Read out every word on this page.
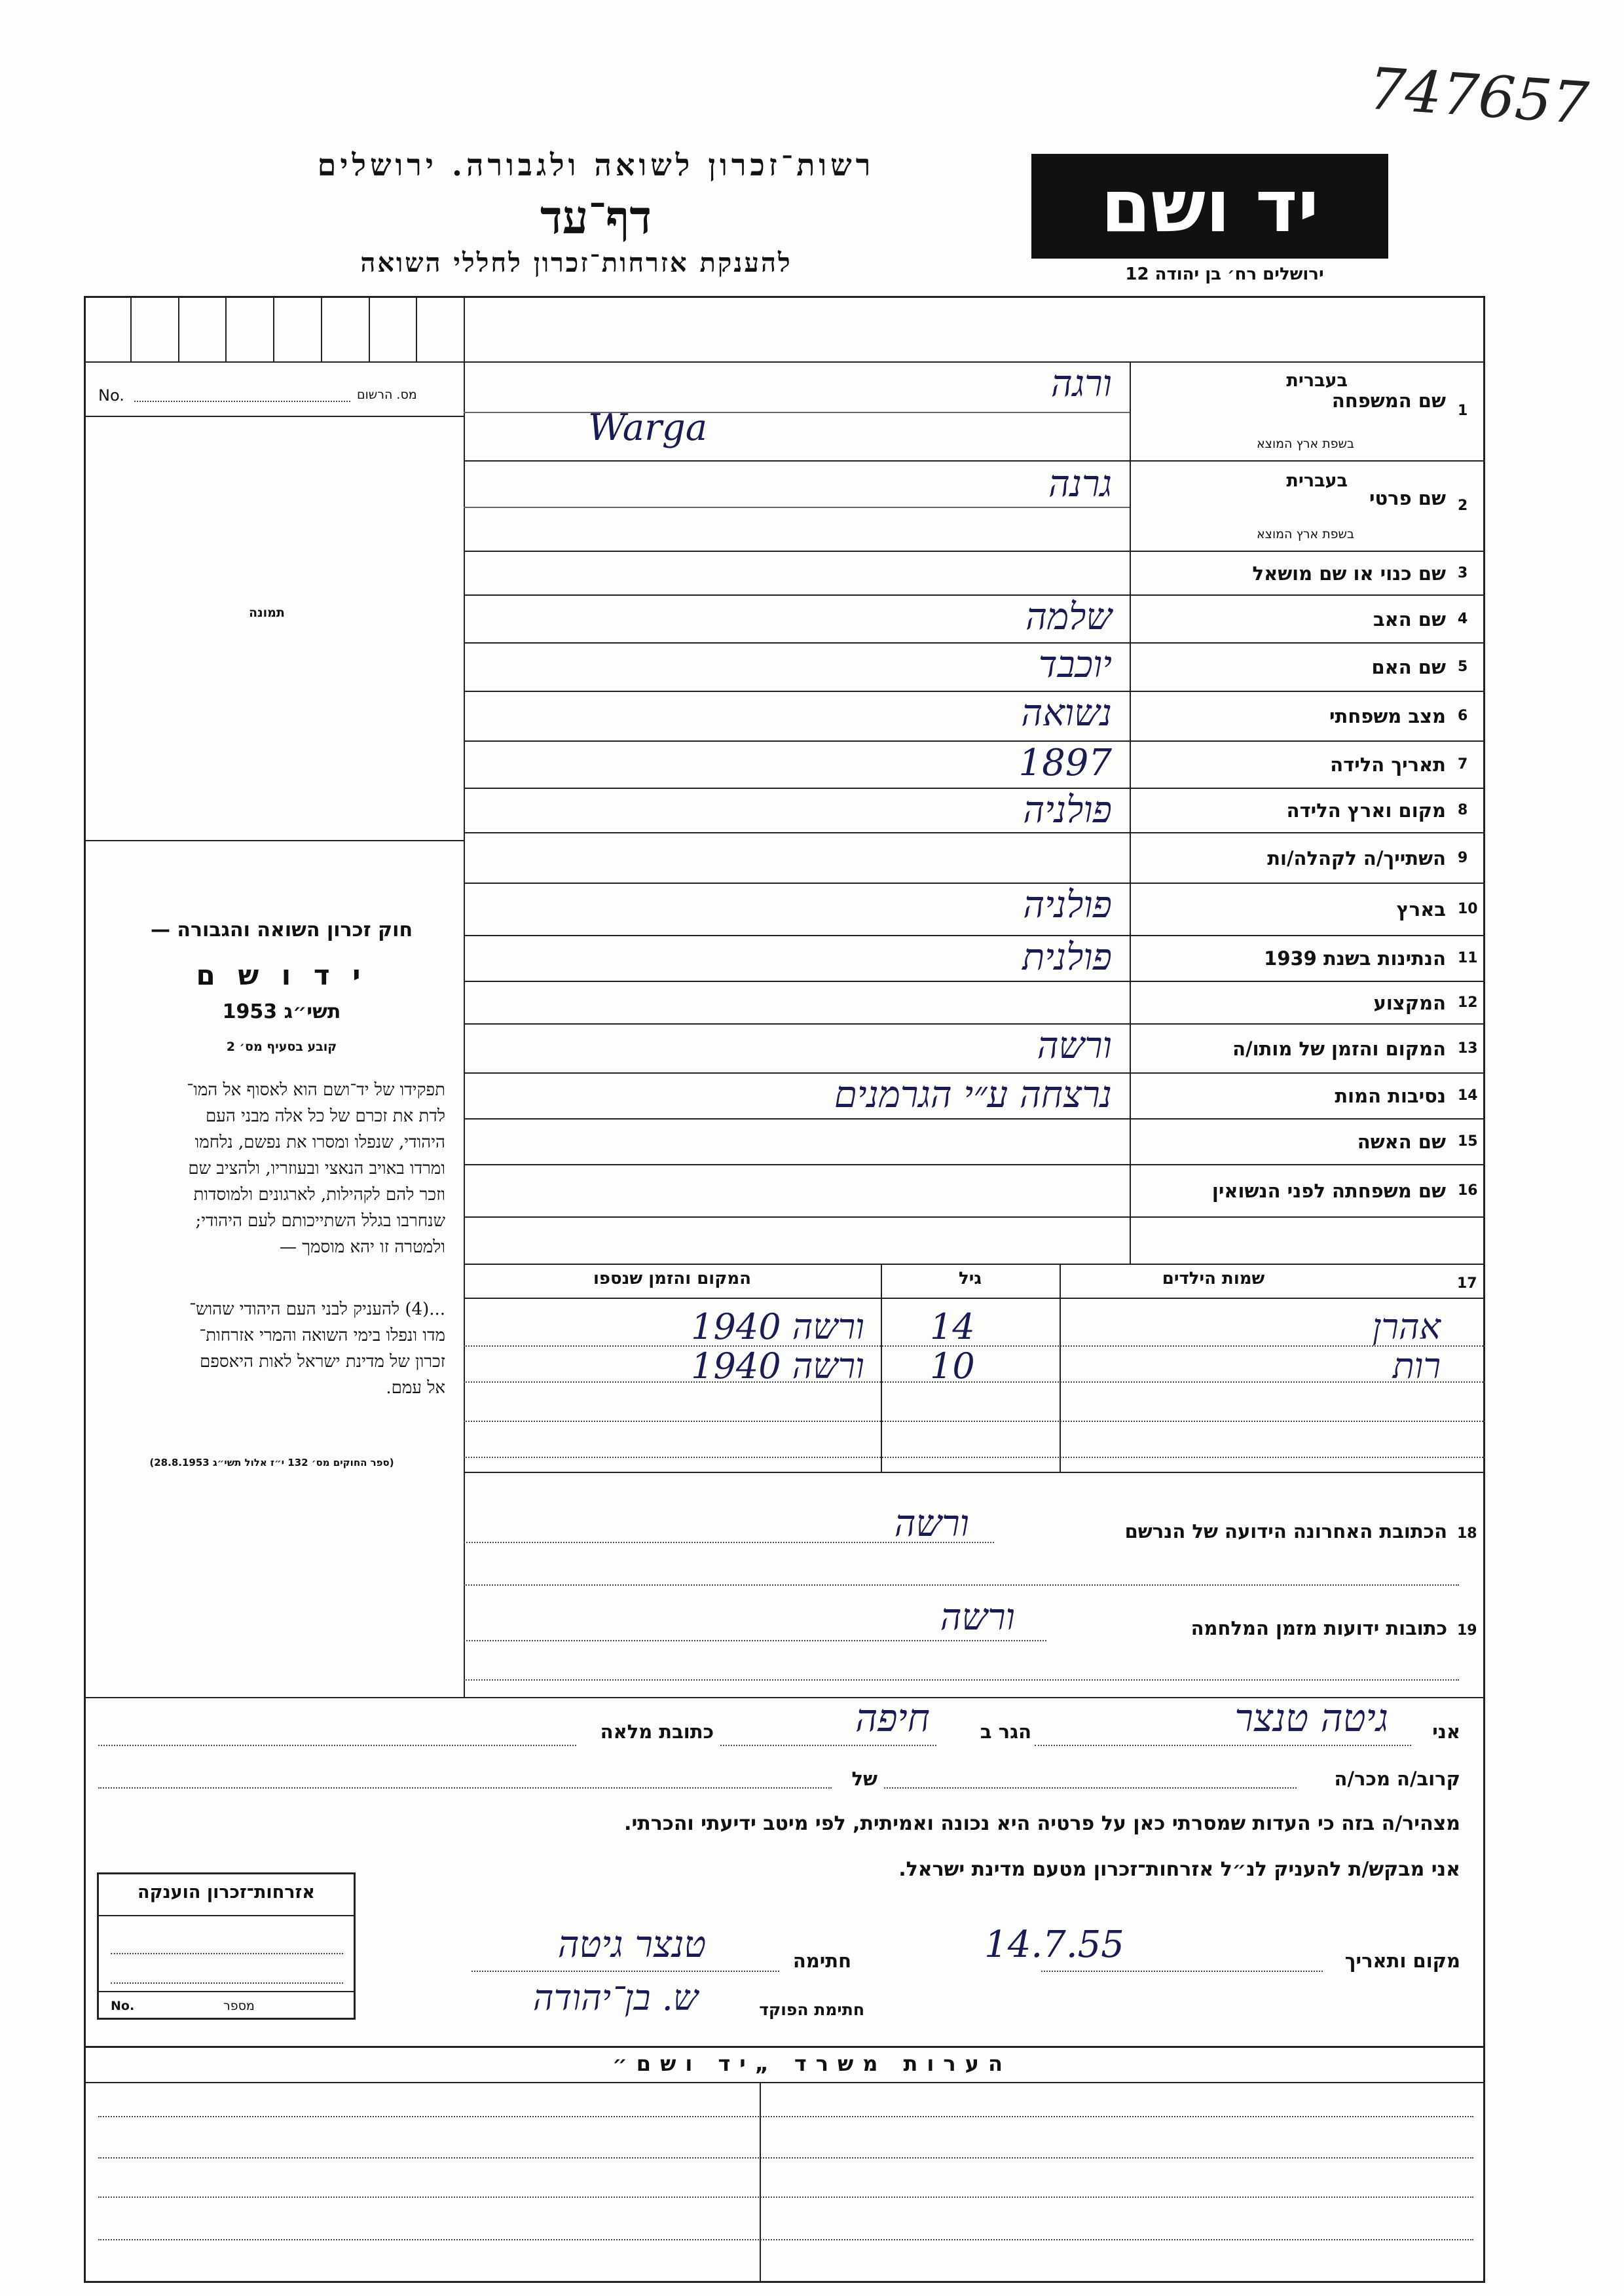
747657
רשות־זכרון לשואה ולגבורה. ירושלים
דף־עד
להענקת אזרחות־זכרון לחללי השואה
יד ושם
ירושלים רח׳ בן יהודה 12
No.	מס. הרשום
תמונה
חוק זכרון השואה והגבורה —
י ד ו ש ם
תשי״ג 1953
קובע בסעיף מס׳ 2
תפקידו של יד־ושם הוא לאסוף אל המו־
לדת את זכרם של כל אלה מבני העם
היהודי, שנפלו ומסרו את נפשם, נלחמו
ומרדו באויב הנאצי ובעוזריו, ולהציב שם
וזכר להם לקהילות, לארגונים ולמוסדות
שנחרבו בגלל השתייכותם לעם היהודי;
ולמטרה זו יהא מוסמך —
...(4) להעניק לבני העם היהודי שהוש־
מדו ונפלו בימי השואה והמרי אזרחות־
זכרון של מדינת ישראל לאות היאספם
אל עמם.
(ספר החוקים מס׳ 132 י״ז אלול תשי״ג 28.8.1953)
1
בעברית
בשפת ארץ המוצא
שם המשפחה
ורגה
Warga
2
בעברית
בשפת ארץ המוצא
שם פרטי
גרנה
3
שם כנוי או שם מושאל
4
שם האב
שלמה
5
שם האם
יוכבד
6
מצב משפחתי
נשואה
7
תאריך הלידה
1897
8
מקום וארץ הלידה
פולניה
9
השתייך/ה לקהלה/ות
10
בארץ
פולניה
11
הנתינות בשנת 1939
פולנית
12
המקצוע
13
המקום והזמן של מותו/ה
ורשה
14
נסיבות המות
נרצחה ע״י הגרמנים
15
שם האשה
16
שם משפחתה לפני הנשואין
המקום והזמן שנספו	גיל	שמות הילדים	17
אהרן
14
ורשה 1940
רות
10
ורשה 1940
הכתובת האחרונה הידועה של הנרשם 18
ורשה
כתובות ידועות מזמן המלחמה 19
ורשה
אני
גיטה טנצר
הגר ב
חיפה
כתובת מלאה
קרוב/ה מכר/ה
של
מצהיר/ה בזה כי העדות שמסרתי כאן על פרטיה היא נכונה ואמיתית, לפי מיטב ידיעתי והכרתי.
אני מבקש/ת להעניק לנ״ל אזרחות־זכרון מטעם מדינת ישראל.
מקום ותאריך
14.7.55
חתימה
טנצר גיטה
חתימת הפוקד
ש. בן־יהודה
אזרחות־זכרון הוענקה
No.	מספר
הערות משרד „יד ושם״
